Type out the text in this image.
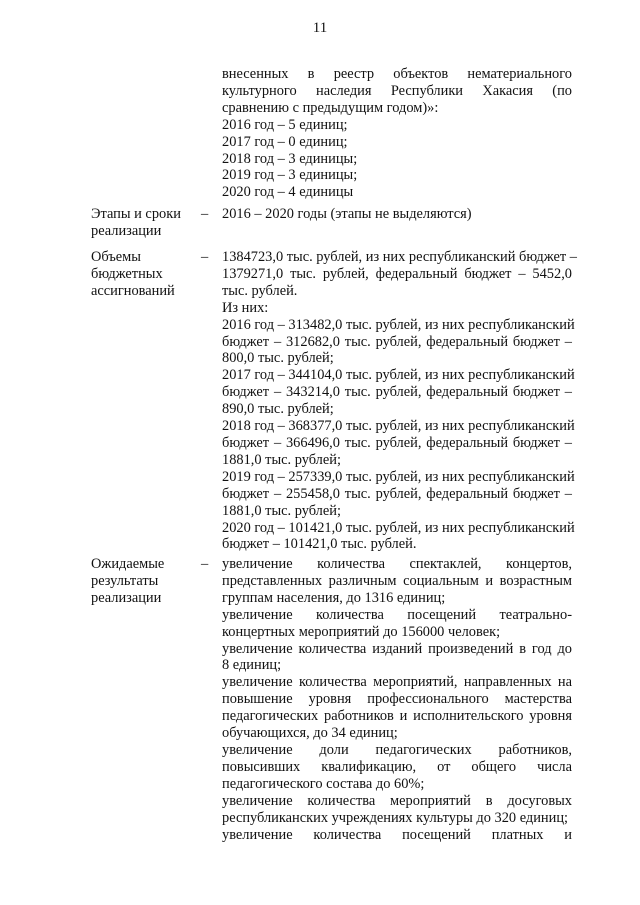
11
внесенных в реестр объектов нематериального
культурного наследия Республики Хакасия (по
сравнению с предыдущим годом)»:
2016 год – 5 единиц;
2017 год – 0 единиц;
2018 год – 3 единицы;
2019 год – 3 единицы;
2020 год – 4 единицы
Этапы и сроки реализации
– 2016 – 2020 годы (этапы не выделяются)
Объемы бюджетных ассигнований
– 1384723,0 тыс. рублей, из них республиканский бюджет –
1379271,0 тыс. рублей, федеральный бюджет – 5452,0
тыс. рублей.
Из них:
2016 год – 313482,0 тыс. рублей, из них республиканский
бюджет – 312682,0 тыс. рублей, федеральный бюджет –
800,0 тыс. рублей;
2017 год – 344104,0 тыс. рублей, из них республиканский
бюджет – 343214,0 тыс. рублей, федеральный бюджет –
890,0 тыс. рублей;
2018 год – 368377,0 тыс. рублей, из них республиканский
бюджет – 366496,0 тыс. рублей, федеральный бюджет –
1881,0 тыс. рублей;
2019 год – 257339,0 тыс. рублей, из них республиканский
бюджет – 255458,0 тыс. рублей, федеральный бюджет –
1881,0 тыс. рублей;
2020 год – 101421,0 тыс. рублей, из них республиканский
бюджет – 101421,0 тыс. рублей.
Ожидаемые результаты реализации
– увеличение количества спектаклей, концертов,
представленных различным социальным и возрастным
группам населения, до 1316 единиц;
увеличение количества посещений театрально-
концертных мероприятий до 156000 человек;
увеличение количества изданий произведений в год до
8 единиц;
увеличение количества мероприятий, направленных на
повышение уровня профессионального мастерства
педагогических работников и исполнительского уровня
обучающихся, до 34 единиц;
увеличение доли педагогических работников,
повысивших квалификацию, от общего числа
педагогического состава до 60%;
увеличение количества мероприятий в досуговых
республиканских учреждениях культуры до 320 единиц;
увеличение количества посещений платных и
